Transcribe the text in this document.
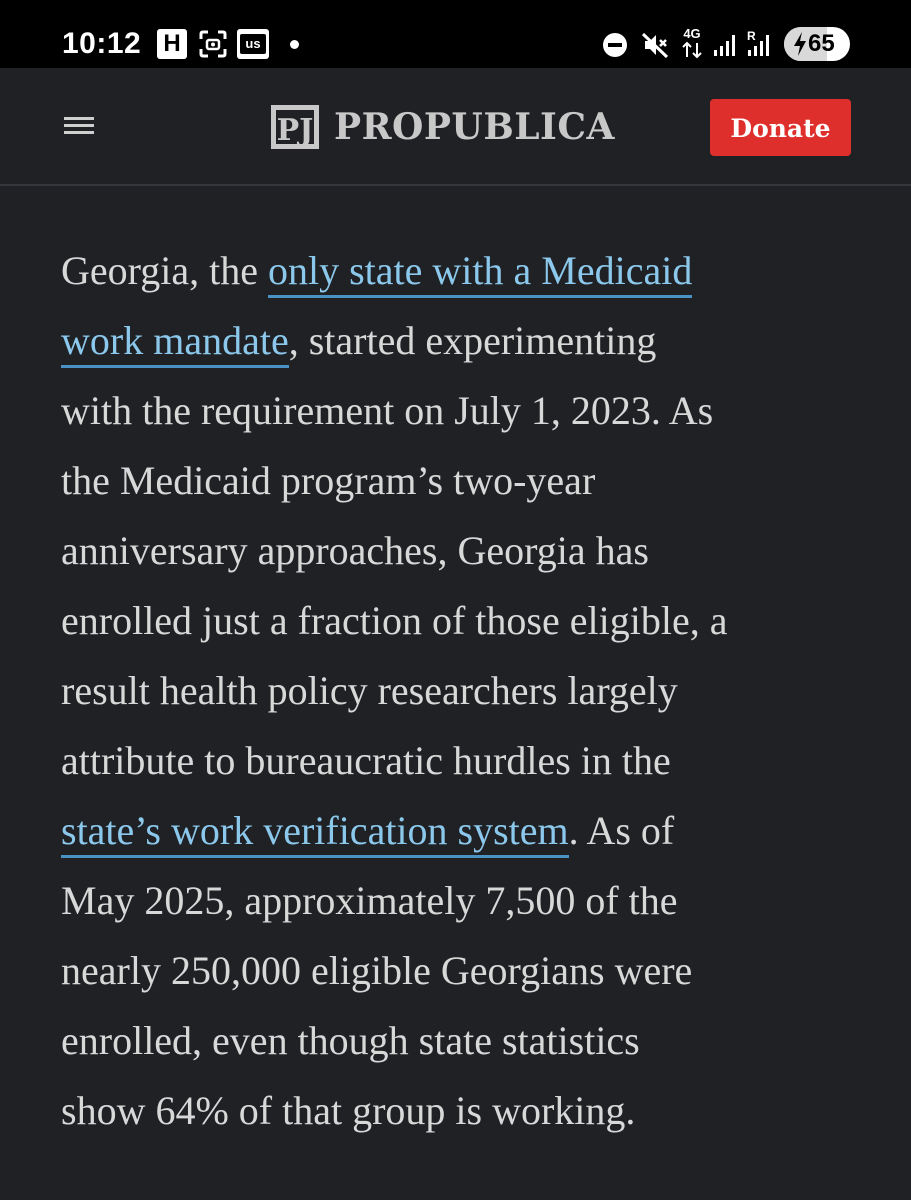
10:12 H	us
4G	R 65
PJ PROPUBLICA	Donate

Georgia, the only state with a Medicaid
work mandate, started experimenting
with the requirement on July 1, 2023. As
the Medicaid program’s two-year
anniversary approaches, Georgia has
enrolled just a fraction of those eligible, a
result health policy researchers largely
attribute to bureaucratic hurdles in the
state’s work verification system. As of
May 2025, approximately 7,500 of the
nearly 250,000 eligible Georgians were
enrolled, even though state statistics
show 64% of that group is working.
